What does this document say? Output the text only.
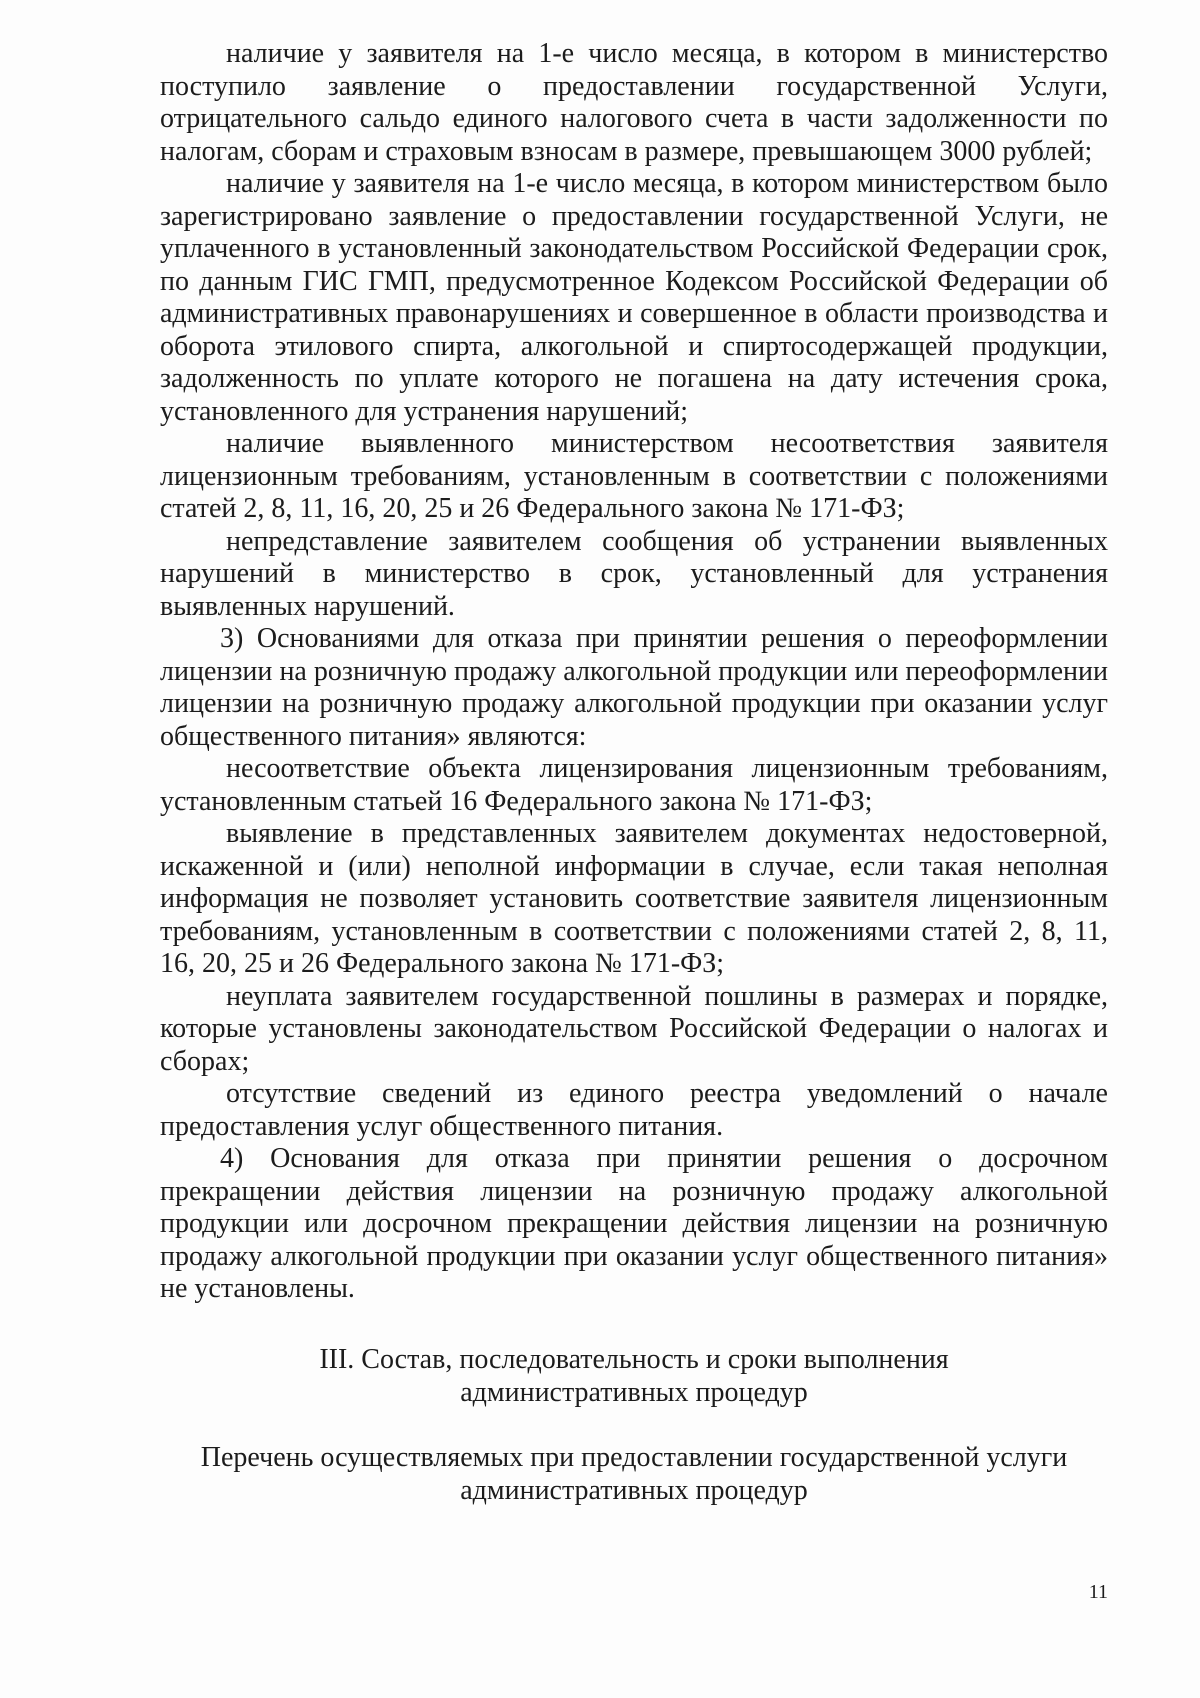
наличие у заявителя на 1-е число месяца, в котором в министерство поступило заявление о предоставлении государственной Услуги, отрицательного сальдо единого налогового счета в части задолженности по налогам, сборам и страховым взносам в размере, превышающем 3000 рублей;

наличие у заявителя на 1-е число месяца, в котором министерством было зарегистрировано заявление о предоставлении государственной Услуги, не уплаченного в установленный законодательством Российской Федерации срок, по данным ГИС ГМП, предусмотренное Кодексом Российской Федерации об административных правонарушениях и совершенное в области производства и оборота этилового спирта, алкогольной и спиртосодержащей продукции, задолженность по уплате которого не погашена на дату истечения срока, установленного для устранения нарушений;

наличие выявленного министерством несоответствия заявителя лицензионным требованиям, установленным в соответствии с положениями статей 2, 8, 11, 16, 20, 25 и 26 Федерального закона № 171-ФЗ;

непредставление заявителем сообщения об устранении выявленных нарушений в министерство в срок, установленный для устранения выявленных нарушений.

3) Основаниями для отказа при принятии решения о переоформлении лицензии на розничную продажу алкогольной продукции или переоформлении лицензии на розничную продажу алкогольной продукции при оказании услуг общественного питания» являются:

несоответствие объекта лицензирования лицензионным требованиям, установленным статьей 16 Федерального закона № 171-ФЗ;

выявление в представленных заявителем документах недостоверной, искаженной и (или) неполной информации в случае, если такая неполная информация не позволяет установить соответствие заявителя лицензионным требованиям, установленным в соответствии с положениями статей 2, 8, 11, 16, 20, 25 и 26 Федерального закона № 171-ФЗ;

неуплата заявителем государственной пошлины в размерах и порядке, которые установлены законодательством Российской Федерации о налогах и сборах;

отсутствие сведений из единого реестра уведомлений о начале предоставления услуг общественного питания.

4) Основания для отказа при принятии решения о досрочном прекращении действия лицензии на розничную продажу алкогольной продукции или досрочном прекращении действия лицензии на розничную продажу алкогольной продукции при оказании услуг общественного питания» не установлены.

III. Состав, последовательность и сроки выполнения

административных процедур

Перечень осуществляемых при предоставлении государственной услуги

административных процедур

11
